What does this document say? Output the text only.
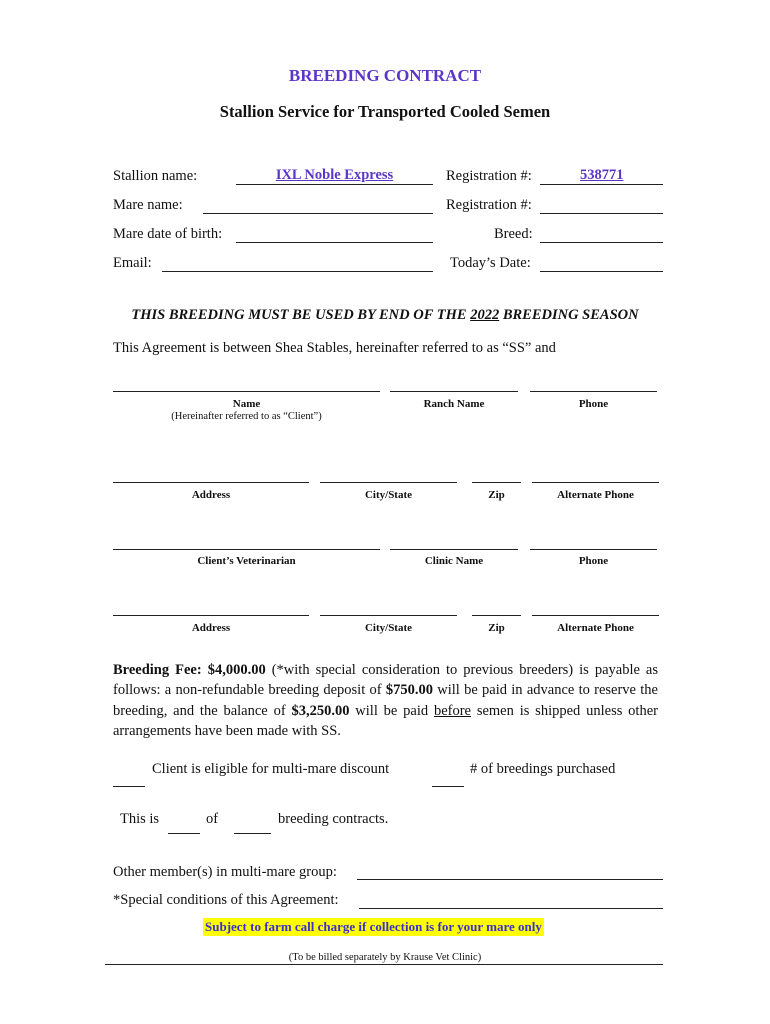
BREEDING CONTRACT
Stallion Service for Transported Cooled Semen
Stallion name:	IXL Noble Express	Registration #:	538771
Mare name:	Registration #:
Mare date of birth:	Breed:
Email:	Today’s Date:
THIS BREEDING MUST BE USED BY END OF THE 2022 BREEDING SEASON
This Agreement is between Shea Stables, hereinafter referred to as “SS” and
Name
(Hereinafter referred to as “Client”)
Ranch Name	Phone
Address	City/State	Zip	Alternate Phone
Client’s Veterinarian	Clinic Name	Phone
Address	City/State	Zip	Alternate Phone
Breeding Fee: $4,000.00 (*with special consideration to previous breeders) is payable as follows: a non-refundable breeding deposit of $750.00 will be paid in advance to reserve the breeding, and the balance of $3,250.00 will be paid before semen is shipped unless other arrangements have been made with SS.
Client is eligible for multi-mare discount	# of breedings purchased
This is	of	breeding contracts.
Other member(s) in multi-mare group:
*Special conditions of this Agreement:
Subject to farm call charge if collection is for your mare only
(To be billed separately by Krause Vet Clinic)
